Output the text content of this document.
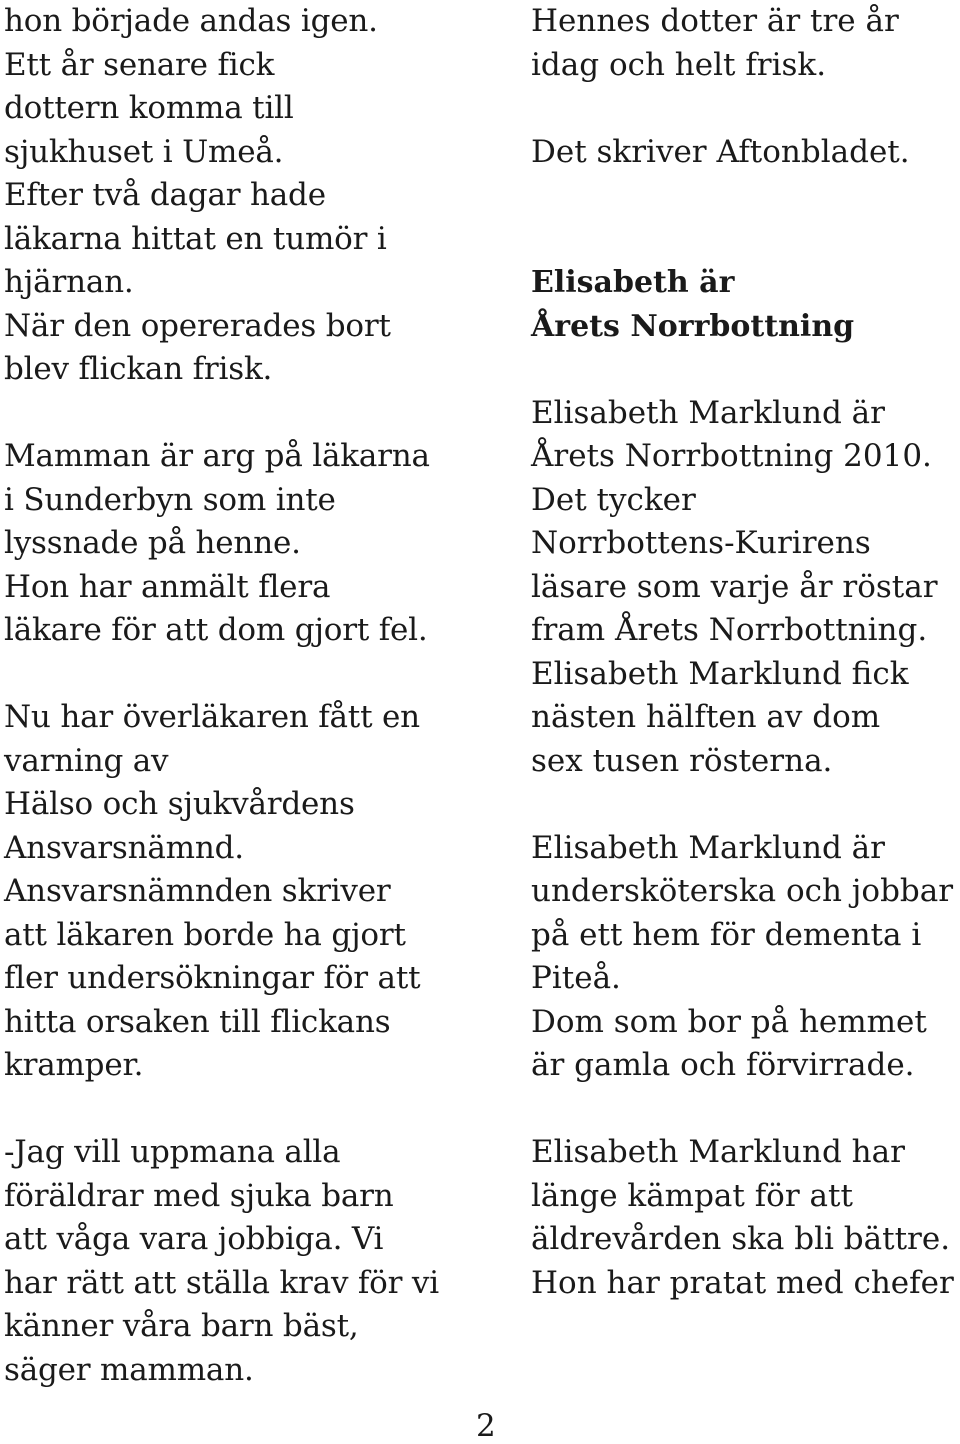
hon började andas igen.
Ett år senare fick
dottern komma till
sjukhuset i Umeå.
Efter två dagar hade
läkarna hittat en tumör i
hjärnan.
När den opererades bort
blev flickan frisk.
Mamman är arg på läkarna
i Sunderbyn som inte
lyssnade på henne.
Hon har anmält flera
läkare för att dom gjort fel.
Nu har överläkaren fått en
varning av
Hälso och sjukvårdens
Ansvarsnämnd.
Ansvarsnämnden skriver
att läkaren borde ha gjort
fler undersökningar för att
hitta orsaken till flickans
kramper.
-Jag vill uppmana alla
föräldrar med sjuka barn
att våga vara jobbiga. Vi
har rätt att ställa krav för vi
känner våra barn bäst,
säger mamman.
Hennes dotter är tre år
idag och helt frisk.
Det skriver Aftonbladet.
Elisabeth är
Årets Norrbottning
Elisabeth Marklund är
Årets Norrbottning 2010.
Det tycker
Norrbottens-Kurirens
läsare som varje år röstar
fram Årets Norrbottning.
Elisabeth Marklund fick
nästen hälften av dom
sex tusen rösterna.
Elisabeth Marklund är
undersköterska och jobbar
på ett hem för dementa i
Piteå.
Dom som bor på hemmet
är gamla och förvirrade.
Elisabeth Marklund har
länge kämpat för att
äldrevården ska bli bättre.
Hon har pratat med chefer
2
